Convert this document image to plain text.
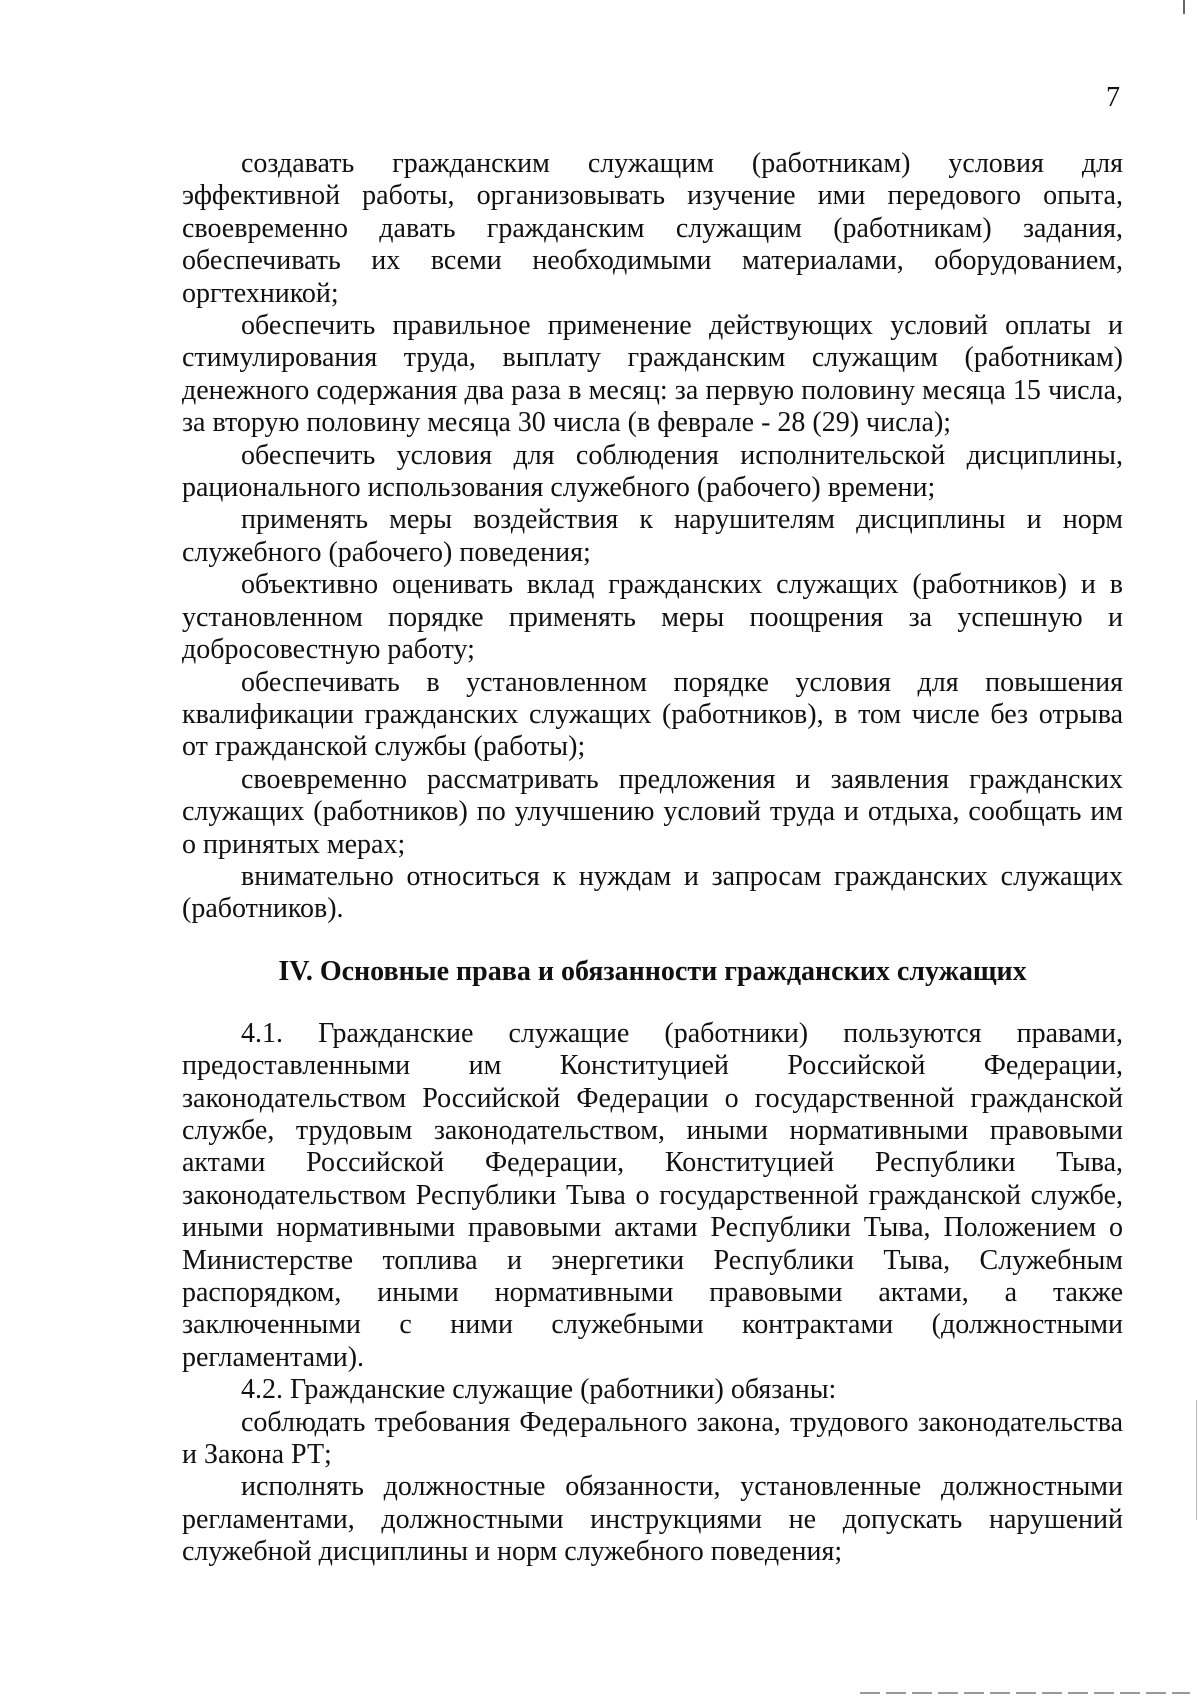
7

создавать гражданским служащим (работникам) условия для эффективной работы, организовывать изучение ими передового опыта, своевременно давать гражданским служащим (работникам) задания, обеспечивать их всеми необходимыми материалами, оборудованием, оргтехникой;

обеспечить правильное применение действующих условий оплаты и стимулирования труда, выплату гражданским служащим (работникам) денежного содержания два раза в месяц: за первую половину месяца 15 числа, за вторую половину месяца 30 числа (в феврале - 28 (29) числа);

обеспечить условия для соблюдения исполнительской дисциплины, рационального использования служебного (рабочего) времени;

применять меры воздействия к нарушителям дисциплины и норм служебного (рабочего) поведения;

объективно оценивать вклад гражданских служащих (работников) и в установленном порядке применять меры поощрения за успешную и добросовестную работу;

обеспечивать в установленном порядке условия для повышения квалификации гражданских служащих (работников), в том числе без отрыва от гражданской службы (работы);

своевременно рассматривать предложения и заявления гражданских служащих (работников) по улучшению условий труда и отдыха, сообщать им о принятых мерах;

внимательно относиться к нуждам и запросам гражданских служащих (работников).

IV. Основные права и обязанности гражданских служащих

4.1. Гражданские служащие (работники) пользуются правами, предоставленными им Конституцией Российской Федерации, законодательством Российской Федерации о государственной гражданской службе, трудовым законодательством, иными нормативными правовыми актами Российской Федерации, Конституцией Республики Тыва, законодательством Республики Тыва о государственной гражданской службе, иными нормативными правовыми актами Республики Тыва, Положением о Министерстве топлива и энергетики Республики Тыва, Служебным распорядком, иными нормативными правовыми актами, а также заключенными с ними служебными контрактами (должностными регламентами).

4.2. Гражданские служащие (работники) обязаны:

соблюдать требования Федерального закона, трудового законодательства и Закона РТ;

исполнять должностные обязанности, установленные должностными регламентами, должностными инструкциями не допускать нарушений служебной дисциплины и норм служебного поведения;
